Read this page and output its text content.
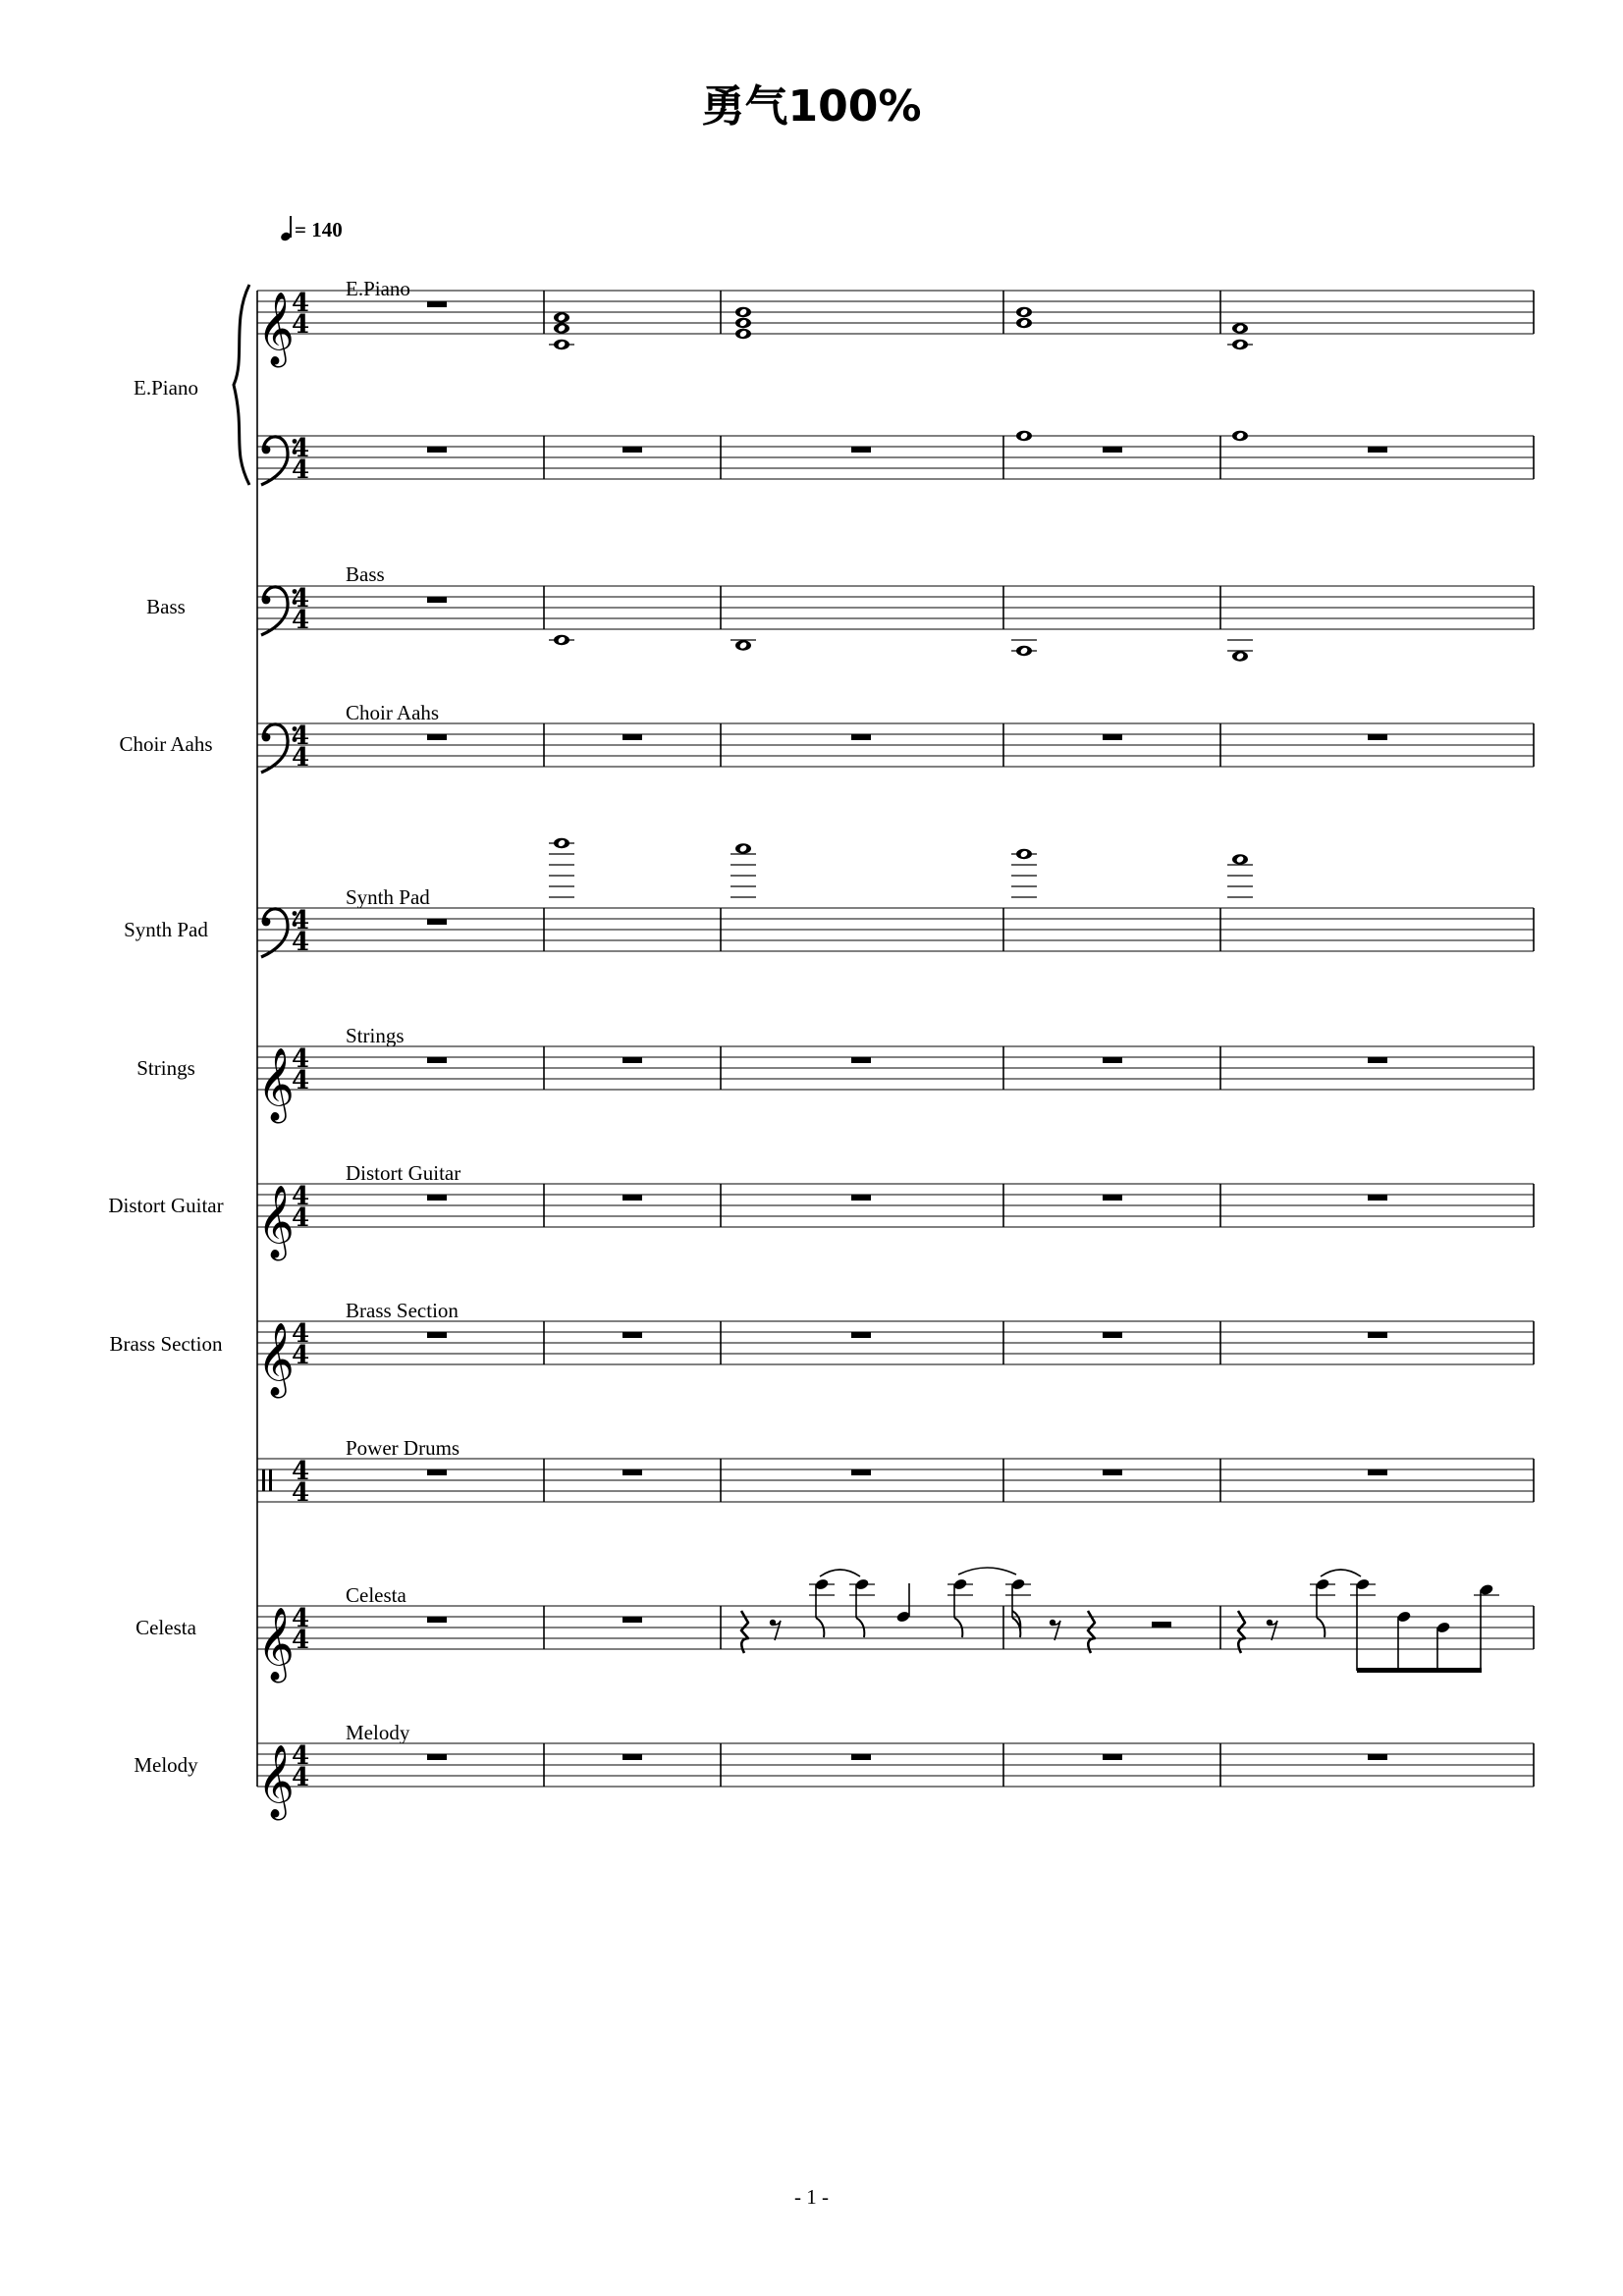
勇气100%
= 140
E.Piano
Bass
Choir Aahs
Synth Pad
Strings
Distort Guitar
Brass Section
Celesta
Melody
E.Piano
Bass
Choir Aahs
Synth Pad
Strings
Distort Guitar
Brass Section
Power Drums
Celesta
Melody
𝄞
4
4
4
4
4
4
4
4
4
4
𝄞
4
4
𝄞
4
4
𝄞
4
4
4
4
𝄞
4
4
𝄞
4
4
- 1 -
